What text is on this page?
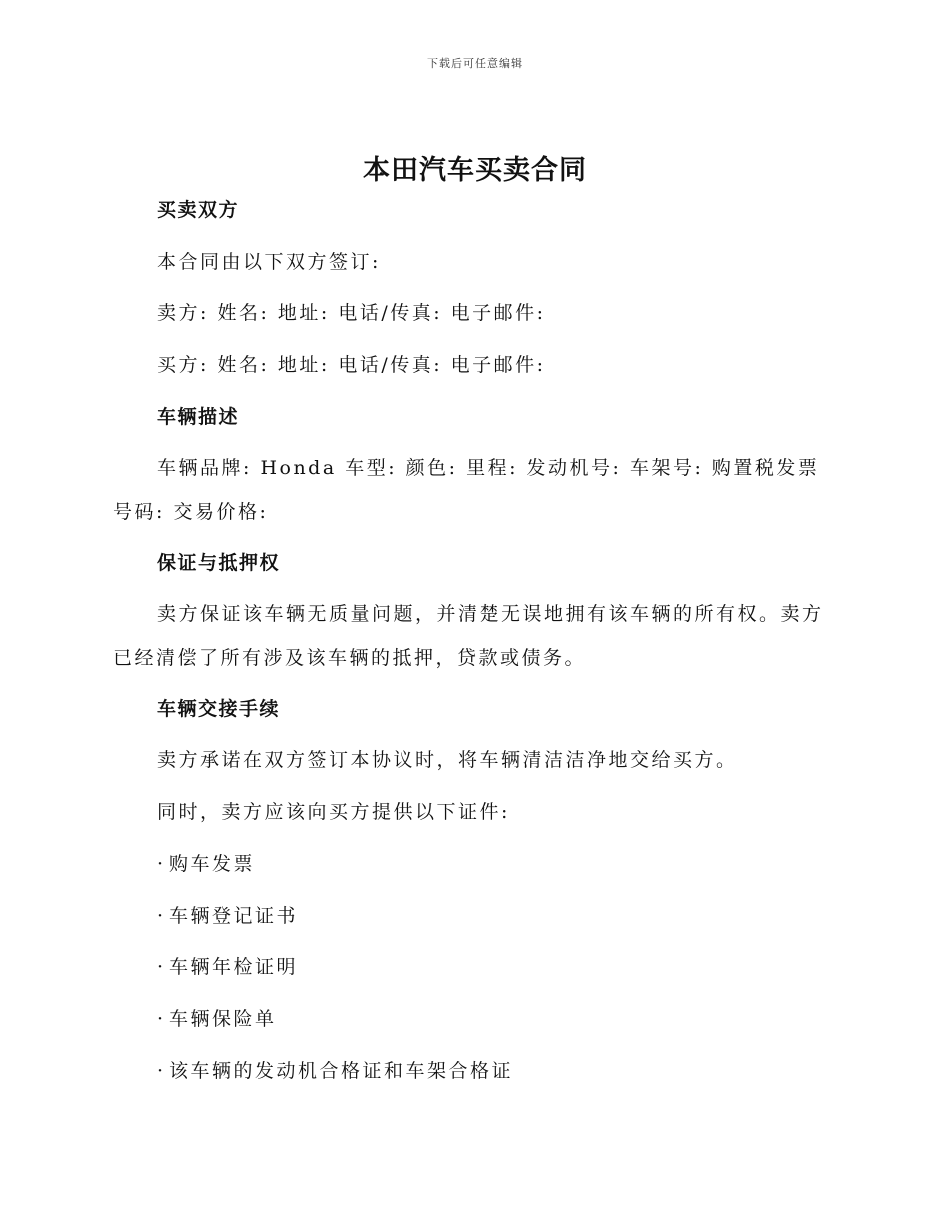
下载后可任意编辑
本田汽车买卖合同
买卖双方
本合同由以下双方签订:
卖方: 姓名: 地址: 电话/传真: 电子邮件:
买方: 姓名: 地址: 电话/传真: 电子邮件:
车辆描述

车辆品牌: Honda 车型: 颜色: 里程: 发动机号: 车架号: 购置税发票号码: 交易价格:

保证与抵押权

卖方保证该车辆无质量问题，并清楚无误地拥有该车辆的所有权。卖方已经清偿了所有涉及该车辆的抵押，贷款或债务。

车辆交接手续
卖方承诺在双方签订本协议时，将车辆清洁洁净地交给买方。
同时，卖方应该向买方提供以下证件:
· 购车发票
· 车辆登记证书
· 车辆年检证明
· 车辆保险单
· 该车辆的发动机合格证和车架合格证
